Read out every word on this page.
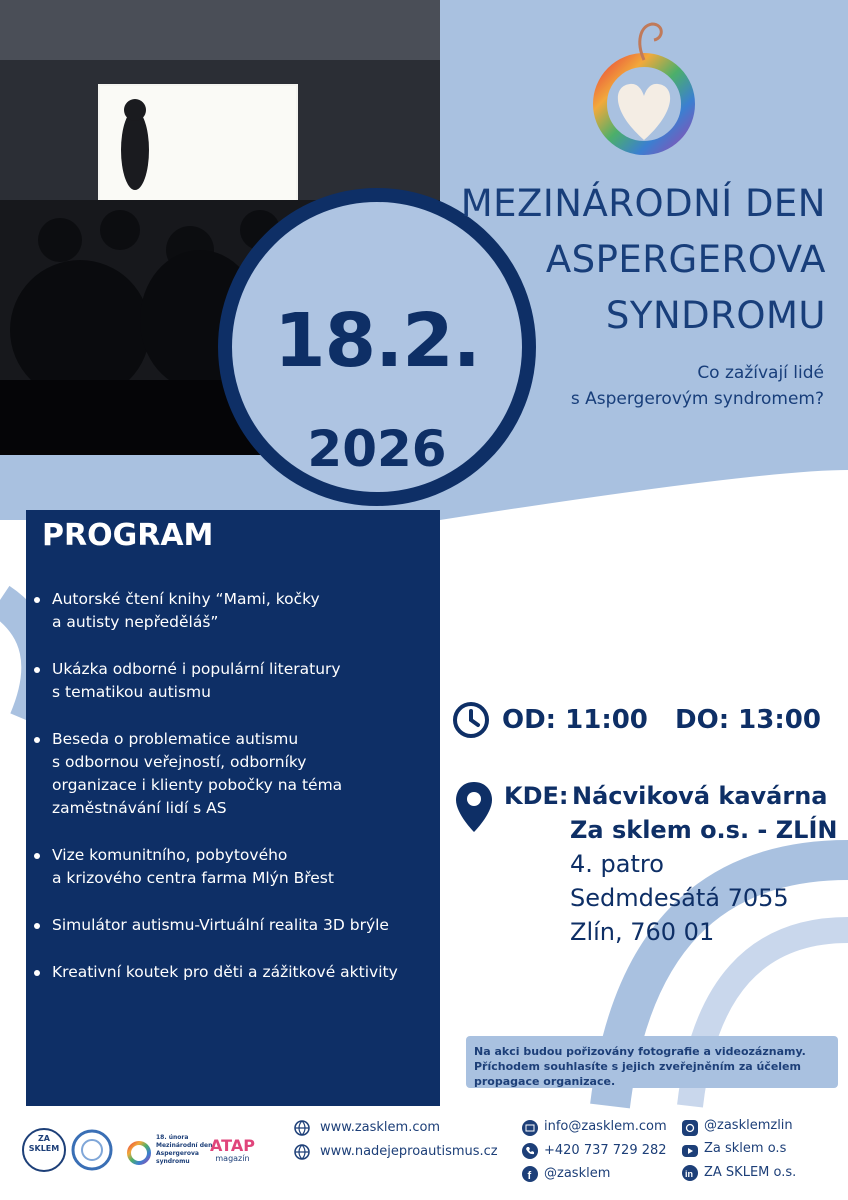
18.2.
2026
MEZINÁRODNÍ DEN ASPERGEROVA SYNDROMU
Co zažívají lidé
s Aspergerovým syndromem?
PROGRAM
Autorské čtení knihy “Mami, kočky
a autisty nepředěláš”
Ukázka odborné i populární literatury
s tematikou autismu
Beseda o problematice autismu
s odbornou veřejností, odborníky
organizace i klienty pobočky na téma
zaměstnávání lidí s AS
Vize komunitního, pobytového
a krizového centra farma Mlýn Břest
Simulátor autismu-Virtuální realita 3D brýle
Kreativní koutek pro děti a zážitkové aktivity
OD: 11:00   DO: 13:00
KDE: Nácviková kavárna
Za sklem o.s. - ZLÍN
4. patro
Sedmdesátá 7055
Zlín, 760 01
Na akci budou pořizovány fotografie a videozáznamy. Příchodem souhlasíte s jejich zveřejněním za účelem propagace organizace.
ZA SKLEM
18. února
Mezinárodní den
Aspergerova
syndromu
ATAP
magazín
www.zasklem.com
www.nadejeproautismus.cz
info@zasklem.com
+420 737 729 282
f @zasklem
@zasklemzlin
Za sklem o.s
in ZA SKLEM o.s.
